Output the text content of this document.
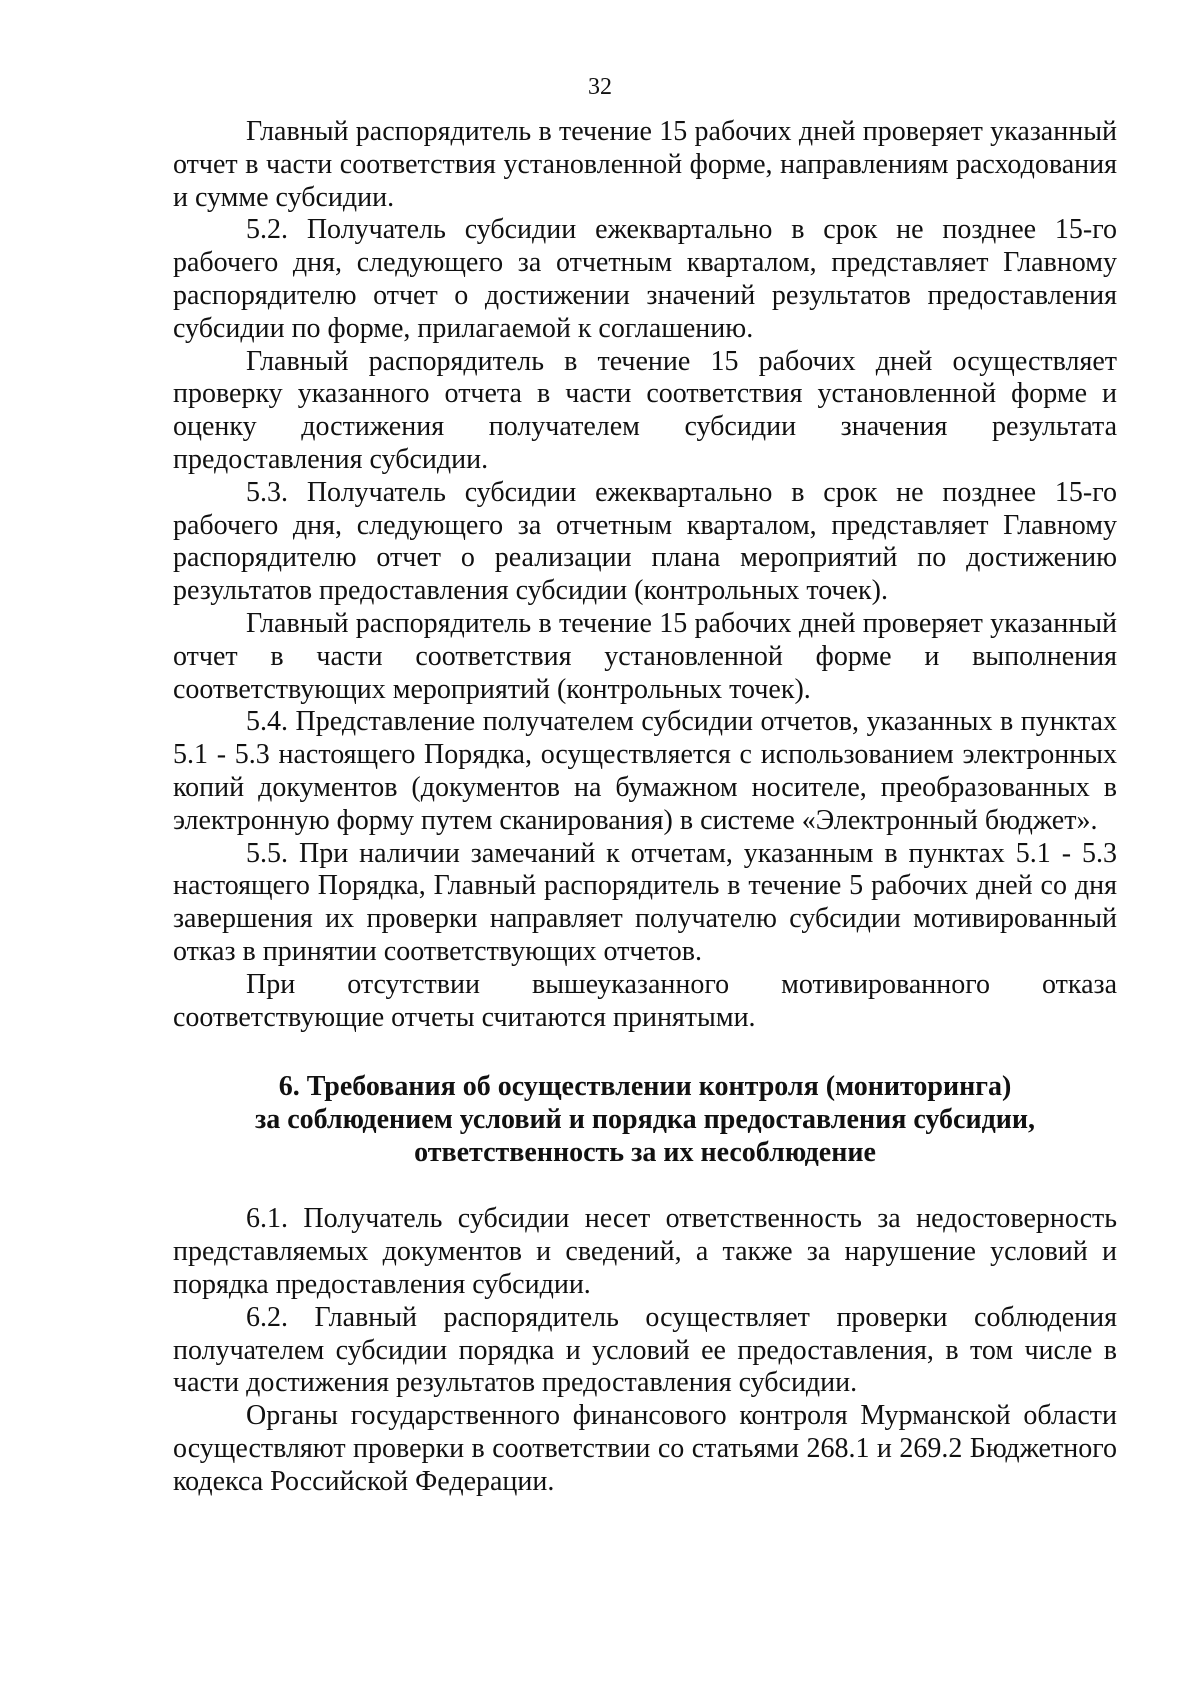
32

Главный распорядитель в течение 15 рабочих дней проверяет указанный отчет в части соответствия установленной форме, направлениям расходования и сумме субсидии.

5.2. Получатель субсидии ежеквартально в срок не позднее 15-го рабочего дня, следующего за отчетным кварталом, представляет Главному распорядителю отчет о достижении значений результатов предоставления субсидии по форме, прилагаемой к соглашению.

Главный распорядитель в течение 15 рабочих дней осуществляет проверку указанного отчета в части соответствия установленной форме и оценку достижения получателем субсидии значения результата предоставления субсидии.

5.3. Получатель субсидии ежеквартально в срок не позднее 15-го рабочего дня, следующего за отчетным кварталом, представляет Главному распорядителю отчет о реализации плана мероприятий по достижению результатов предоставления субсидии (контрольных точек).

Главный распорядитель в течение 15 рабочих дней проверяет указанный отчет в части соответствия установленной форме и выполнения соответствующих мероприятий (контрольных точек).

5.4. Представление получателем субсидии отчетов, указанных в пунктах 5.1 - 5.3 настоящего Порядка, осуществляется с использованием электронных копий документов (документов на бумажном носителе, преобразованных в электронную форму путем сканирования) в системе «Электронный бюджет».

5.5. При наличии замечаний к отчетам, указанным в пунктах 5.1 - 5.3 настоящего Порядка, Главный распорядитель в течение 5 рабочих дней со дня завершения их проверки направляет получателю субсидии мотивированный отказ в принятии соответствующих отчетов.

При отсутствии вышеуказанного мотивированного отказа соответствующие отчеты считаются принятыми.

6. Требования об осуществлении контроля (мониторинга)
за соблюдением условий и порядка предоставления субсидии,
ответственность за их несоблюдение

6.1. Получатель субсидии несет ответственность за недостоверность представляемых документов и сведений, а также за нарушение условий и порядка предоставления субсидии.

6.2. Главный распорядитель осуществляет проверки соблюдения получателем субсидии порядка и условий ее предоставления, в том числе в части достижения результатов предоставления субсидии.

Органы государственного финансового контроля Мурманской области осуществляют проверки в соответствии со статьями 268.1 и 269.2 Бюджетного кодекса Российской Федерации.
